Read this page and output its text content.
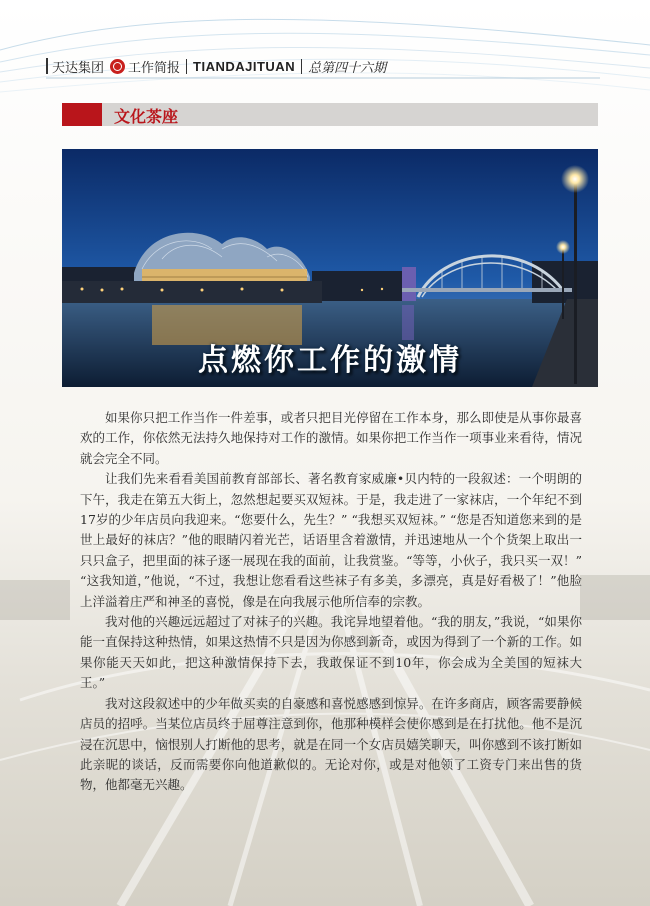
天达集团 工作简报 TIANDAJITUAN 总第四十六期
文化茶座
点燃你工作的激情

如果你只把工作当作一件差事，或者只把目光停留在工作本身，那么即使是从事你最喜欢的工作，你依然无法持久地保持对工作的激情。如果你把工作当作一项事业来看待，情况就会完全不同。

让我们先来看看美国前教育部部长、著名教育家威廉•贝内特的一段叙述：一个明朗的下午，我走在第五大街上，忽然想起要买双短袜。于是，我走进了一家袜店，一个年纪不到17岁的少年店员向我迎来。“您要什么，先生？” “我想买双短袜。” “您是否知道您来到的是世上最好的袜店？”他的眼睛闪着光芒，话语里含着激情，并迅速地从一个个货架上取出一只只盒子，把里面的袜子逐一展现在我的面前，让我赏鉴。“等等，小伙子，我只买一双！” “这我知道，”他说，“不过，我想让您看看这些袜子有多美，多漂亮，真是好看极了！”他脸上洋溢着庄严和神圣的喜悦，像是在向我展示他所信奉的宗教。

我对他的兴趣远远超过了对袜子的兴趣。我诧异地望着他。“我的朋友，”我说，“如果你能一直保持这种热情，如果这热情不只是因为你感到新奇，或因为得到了一个新的工作。如果你能天天如此，把这种激情保持下去，我敢保证不到10年，你会成为全美国的短袜大王。”

我对这段叙述中的少年做买卖的自豪感和喜悦感感到惊异。在许多商店，顾客需要静候店员的招呼。当某位店员终于屈尊注意到你，他那种模样会使你感到是在打扰他。他不是沉浸在沉思中，恼恨别人打断他的思考，就是在同一个女店员嬉笑聊天，叫你感到不该打断如此亲昵的谈话，反而需要你向他道歉似的。无论对你，或是对他领了工资专门来出售的货物，他都毫无兴趣。
